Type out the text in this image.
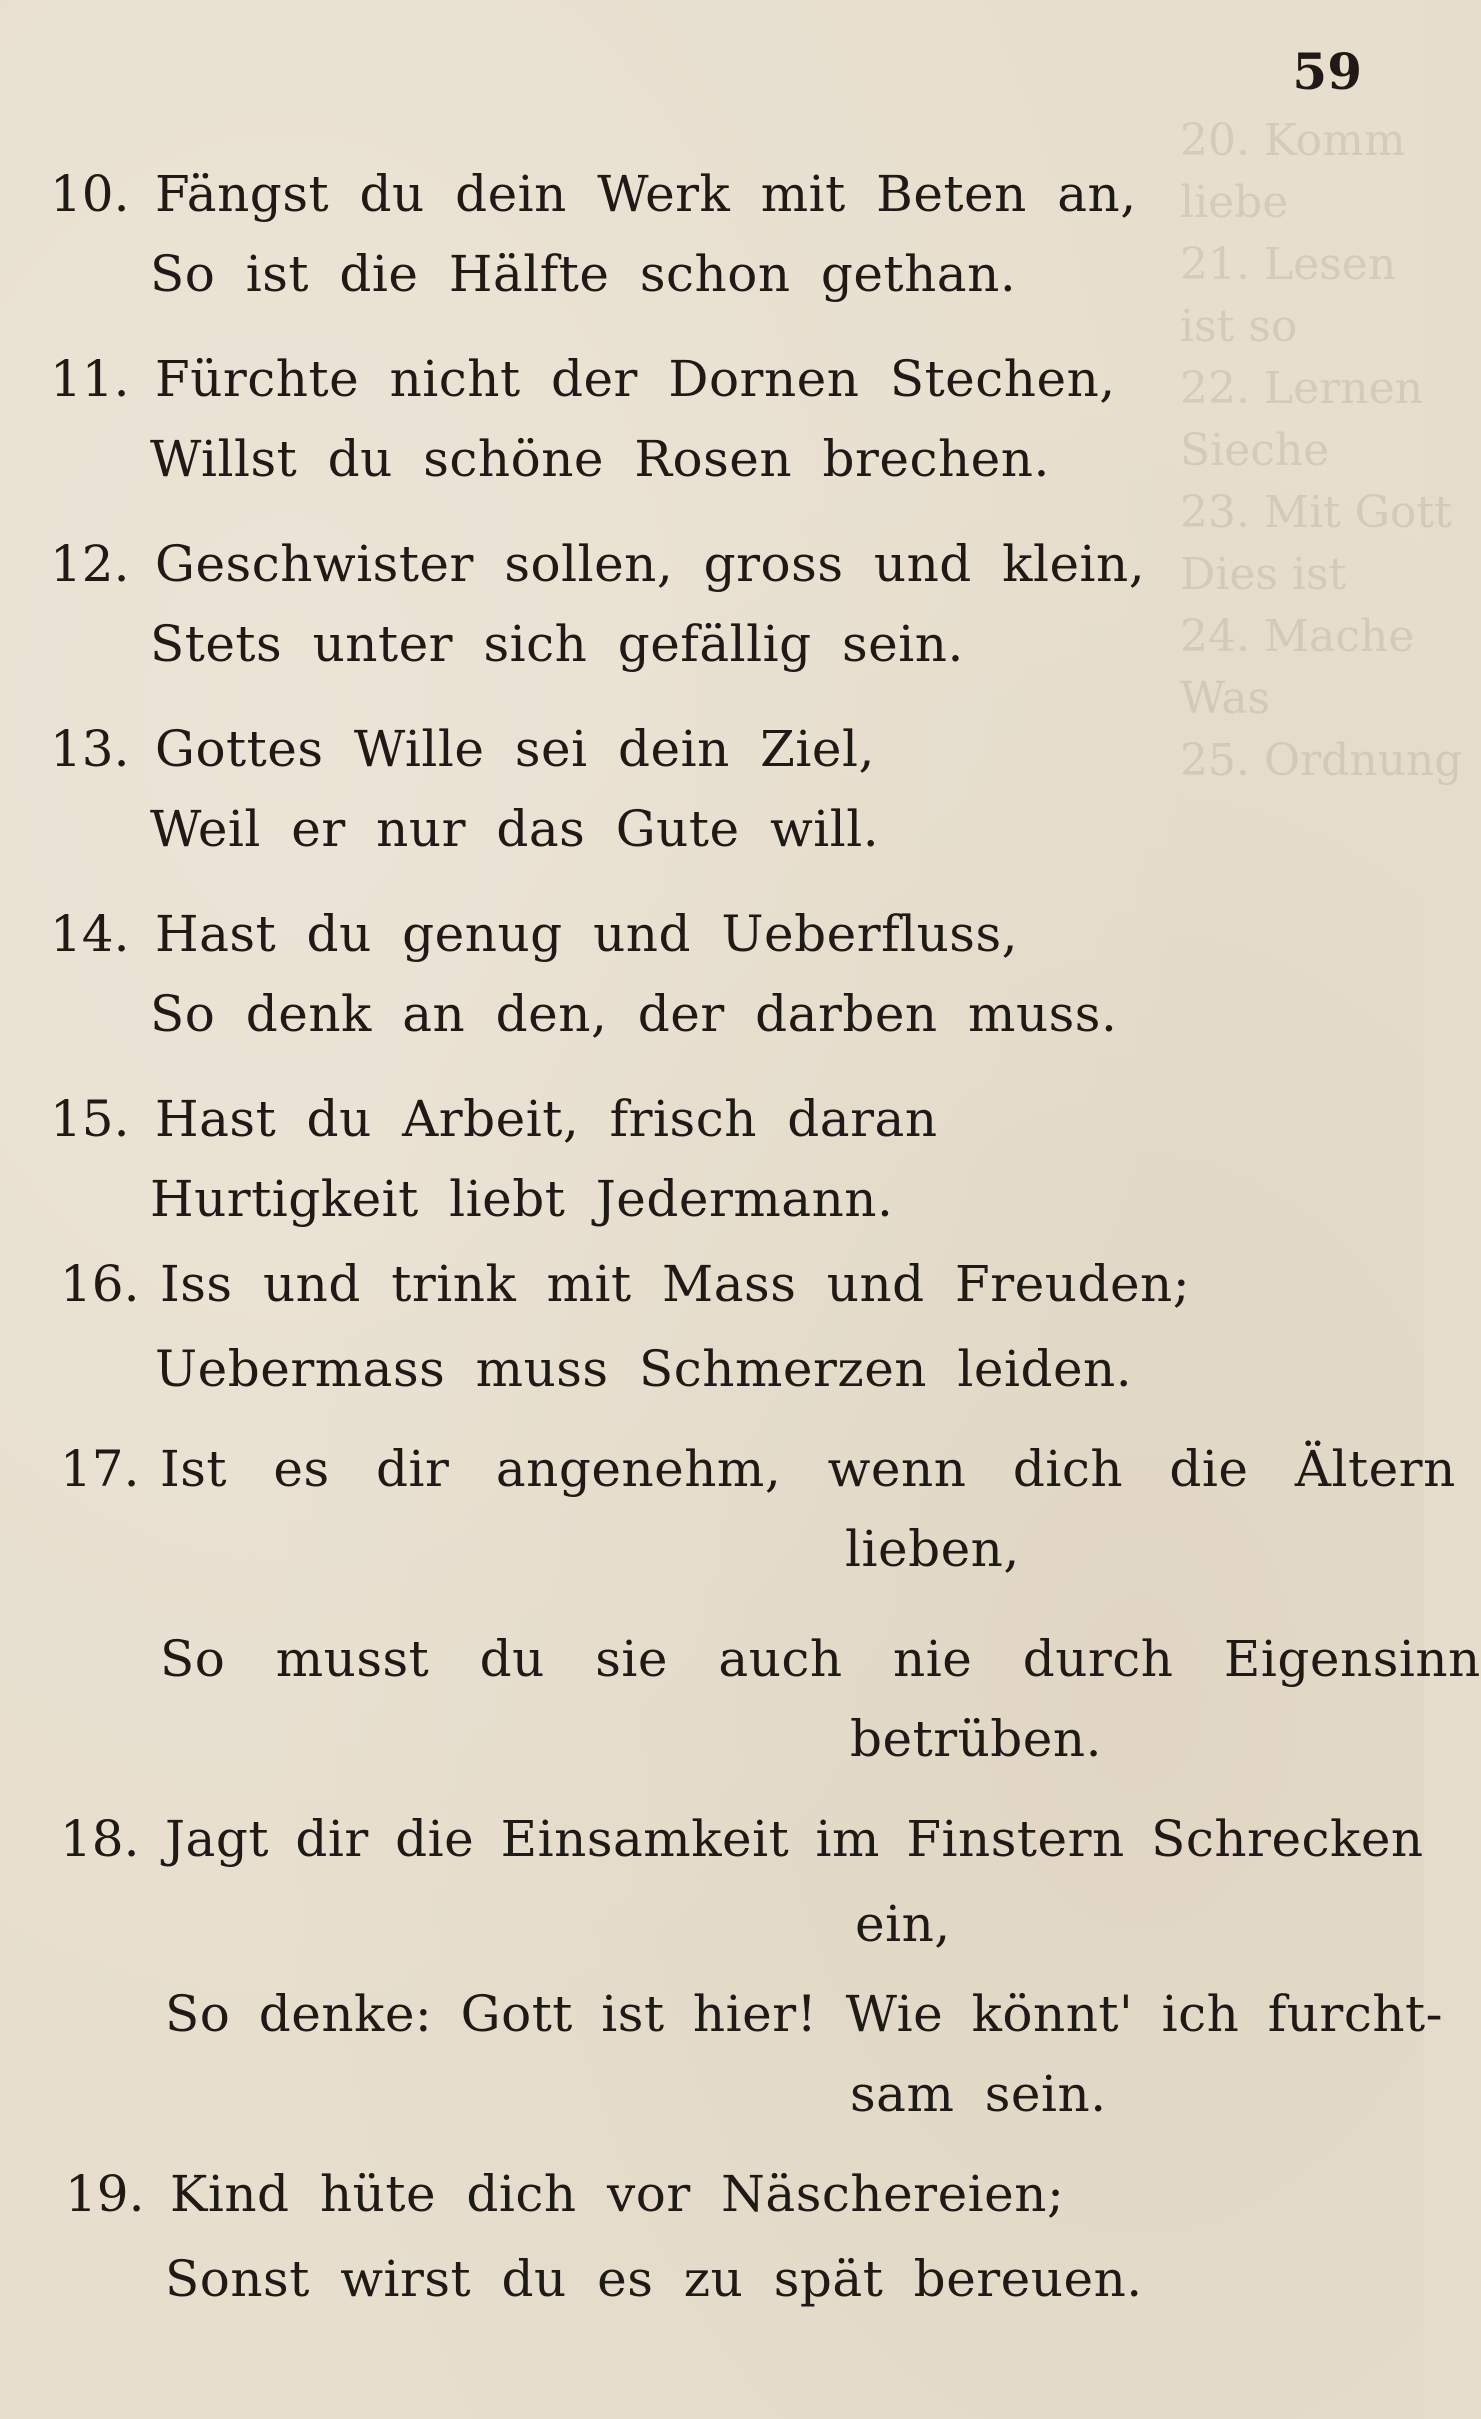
20. Komm
liebe
21. Lesen
ist so
22. Lernen
Sieche
23. Mit Gott
Dies ist
24. Mache
Was
25. Ordnung
59
10. Fängst du dein Werk mit Beten an,
So ist die Hälfte schon gethan.
11. Fürchte nicht der Dornen Stechen,
Willst du schöne Rosen brechen.
12. Geschwister sollen, gross und klein,
Stets unter sich gefällig sein.
13. Gottes Wille sei dein Ziel,
Weil er nur das Gute will.
14. Hast du genug und Ueberfluss,
So denk an den, der darben muss.
15. Hast du Arbeit, frisch daran
Hurtigkeit liebt Jedermann.
16. Iss und trink mit Mass und Freuden;
Uebermass muss Schmerzen leiden.
17. Ist es dir angenehm, wenn dich die Ältern
lieben,
So musst du sie auch nie durch Eigensinn
betrüben.
18. Jagt dir die Einsamkeit im Finstern Schrecken
ein,
So denke: Gott ist hier! Wie könnt' ich furcht-
sam sein.
19. Kind hüte dich vor Näschereien;
Sonst wirst du es zu spät bereuen.
